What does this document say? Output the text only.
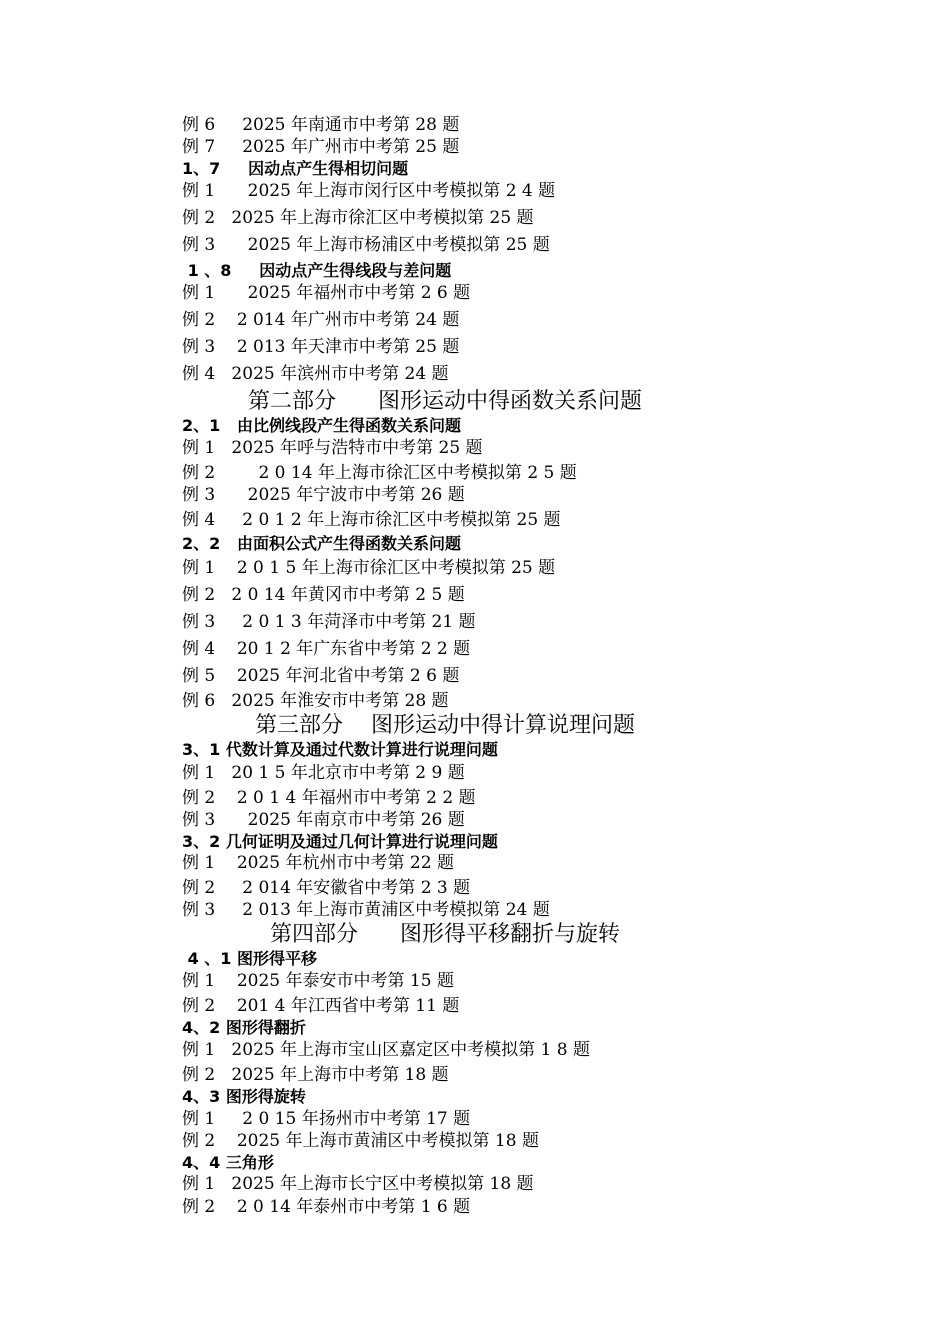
例 6     2025 年南通市中考第 28 题
例 7     2025 年广州市中考第 25 题
1、7     因动点产生得相切问题
例 1      2025 年上海市闵行区中考模拟第 2 4 题
例 2   2025 年上海市徐汇区中考模拟第 25 题
例 3      2025 年上海市杨浦区中考模拟第 25 题
1 、8     因动点产生得线段与差问题
例 1      2025 年福州市中考第 2 6 题
例 2    2 014 年广州市中考第 24 题
例 3    2 013 年天津市中考第 25 题
例 4   2025 年滨州市中考第 24 题
第二部分      图形运动中得函数关系问题
2、1   由比例线段产生得函数关系问题
例 1   2025 年呼与浩特市中考第 25 题
例 2        2 0 14 年上海市徐汇区中考模拟第 2 5 题
例 3      2025 年宁波市中考第 26 题
例 4     2 0 1 2 年上海市徐汇区中考模拟第 25 题
2、2   由面积公式产生得函数关系问题
例 1    2 0 1 5 年上海市徐汇区中考模拟第 25 题
例 2   2 0 14 年黄冈市中考第 2 5 题
例 3     2 0 1 3 年菏泽市中考第 21 题
例 4    20 1 2 年广东省中考第 2 2 题
例 5    2025 年河北省中考第 2 6 题
例 6   2025 年淮安市中考第 28 题
第三部分    图形运动中得计算说理问题
3、1 代数计算及通过代数计算进行说理问题
例 1   20 1 5 年北京市中考第 2 9 题
例 2    2 0 1 4 年福州市中考第 2 2 题
例 3      2025 年南京市中考第 26 题
3、2 几何证明及通过几何计算进行说理问题
例 1    2025 年杭州市中考第 22 题
例 2     2 014 年安徽省中考第 2 3 题
例 3     2 013 年上海市黄浦区中考模拟第 24 题
第四部分      图形得平移翻折与旋转
4 、1 图形得平移
例 1    2025 年泰安市中考第 15 题
例 2    201 4 年江西省中考第 11 题
4、2 图形得翻折
例 1   2025 年上海市宝山区嘉定区中考模拟第 1 8 题
例 2   2025 年上海市中考第 18 题
4、3 图形得旋转
例 1     2 0 15 年扬州市中考第 17 题
例 2    2025 年上海市黄浦区中考模拟第 18 题
4、4 三角形
例 1   2025 年上海市长宁区中考模拟第 18 题
例 2    2 0 14 年泰州市中考第 1 6 题
